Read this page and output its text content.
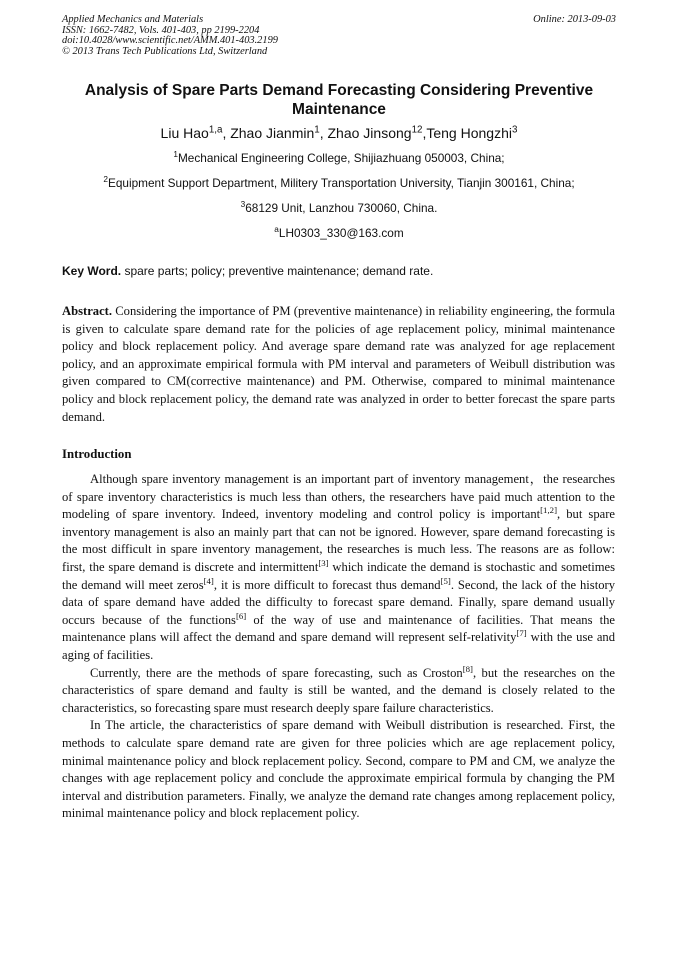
Applied Mechanics and Materials
ISSN: 1662-7482, Vols. 401-403, pp 2199-2204
doi:10.4028/www.scientific.net/AMM.401-403.2199
© 2013 Trans Tech Publications Ltd, Switzerland
Online: 2013-09-03
Analysis of Spare Parts Demand Forecasting Considering Preventive Maintenance
Liu Hao$^{1,a}$, Zhao Jianmin$^1$, Zhao Jinsong$^{12}$,Teng Hongzhi$^3$
$^1$Mechanical Engineering College, Shijiazhuang 050003, China;
$^2$Equipment Support Department, Militery Transportation University, Tianjin 300161, China;
$^3$68129 Unit, Lanzhou 730060, China.
$^a$LH0303_330@163.com
Key Word. spare parts; policy; preventive maintenance; demand rate.
Abstract. Considering the importance of PM (preventive maintenance) in reliability engineering, the formula is given to calculate spare demand rate for the policies of age replacement policy, minimal maintenance policy and block replacement policy. And average spare demand rate was analyzed for age replacement policy, and an approximate empirical formula with PM interval and parameters of Weibull distribution was given compared to CM(corrective maintenance) and PM. Otherwise, compared to minimal maintenance policy and block replacement policy, the demand rate was analyzed in order to better forecast the spare parts demand.
Introduction

Although spare inventory management is an important part of inventory management，the researches of spare inventory characteristics is much less than others, the researchers have paid much attention to the modeling of spare inventory. Indeed, inventory modeling and control policy is important[1,2], but spare inventory management is also an mainly part that can not be ignored. However, spare demand forecasting is the most difficult in spare inventory management, the researches is much less. The reasons are as follow: first, the spare demand is discrete and intermittent[3] which indicate the demand is stochastic and sometimes the demand will meet zeros[4], it is more difficult to forecast thus demand[5]. Second, the lack of the history data of spare demand have added the difficulty to forecast spare demand. Finally, spare demand usually occurs because of the functions[6] of the way of use and maintenance of facilities. That means the maintenance plans will affect the demand and spare demand will represent self-relativity[7] with the use and aging of facilities.

Currently, there are the methods of spare forecasting, such as Croston[8], but the researches on the characteristics of spare demand and faulty is still be wanted, and the demand is closely related to the characteristics, so forecasting spare must research deeply spare failure characteristics.

In The article, the characteristics of spare demand with Weibull distribution is researched. First, the methods to calculate spare demand rate are given for three policies which are age replacement policy, minimal maintenance policy and block replacement policy. Second, compare to PM and CM, we analyze the changes with age replacement policy and conclude the approximate empirical formula by changing the PM interval and distribution parameters. Finally, we analyze the demand rate changes among replacement policy, minimal maintenance policy and block replacement policy.
